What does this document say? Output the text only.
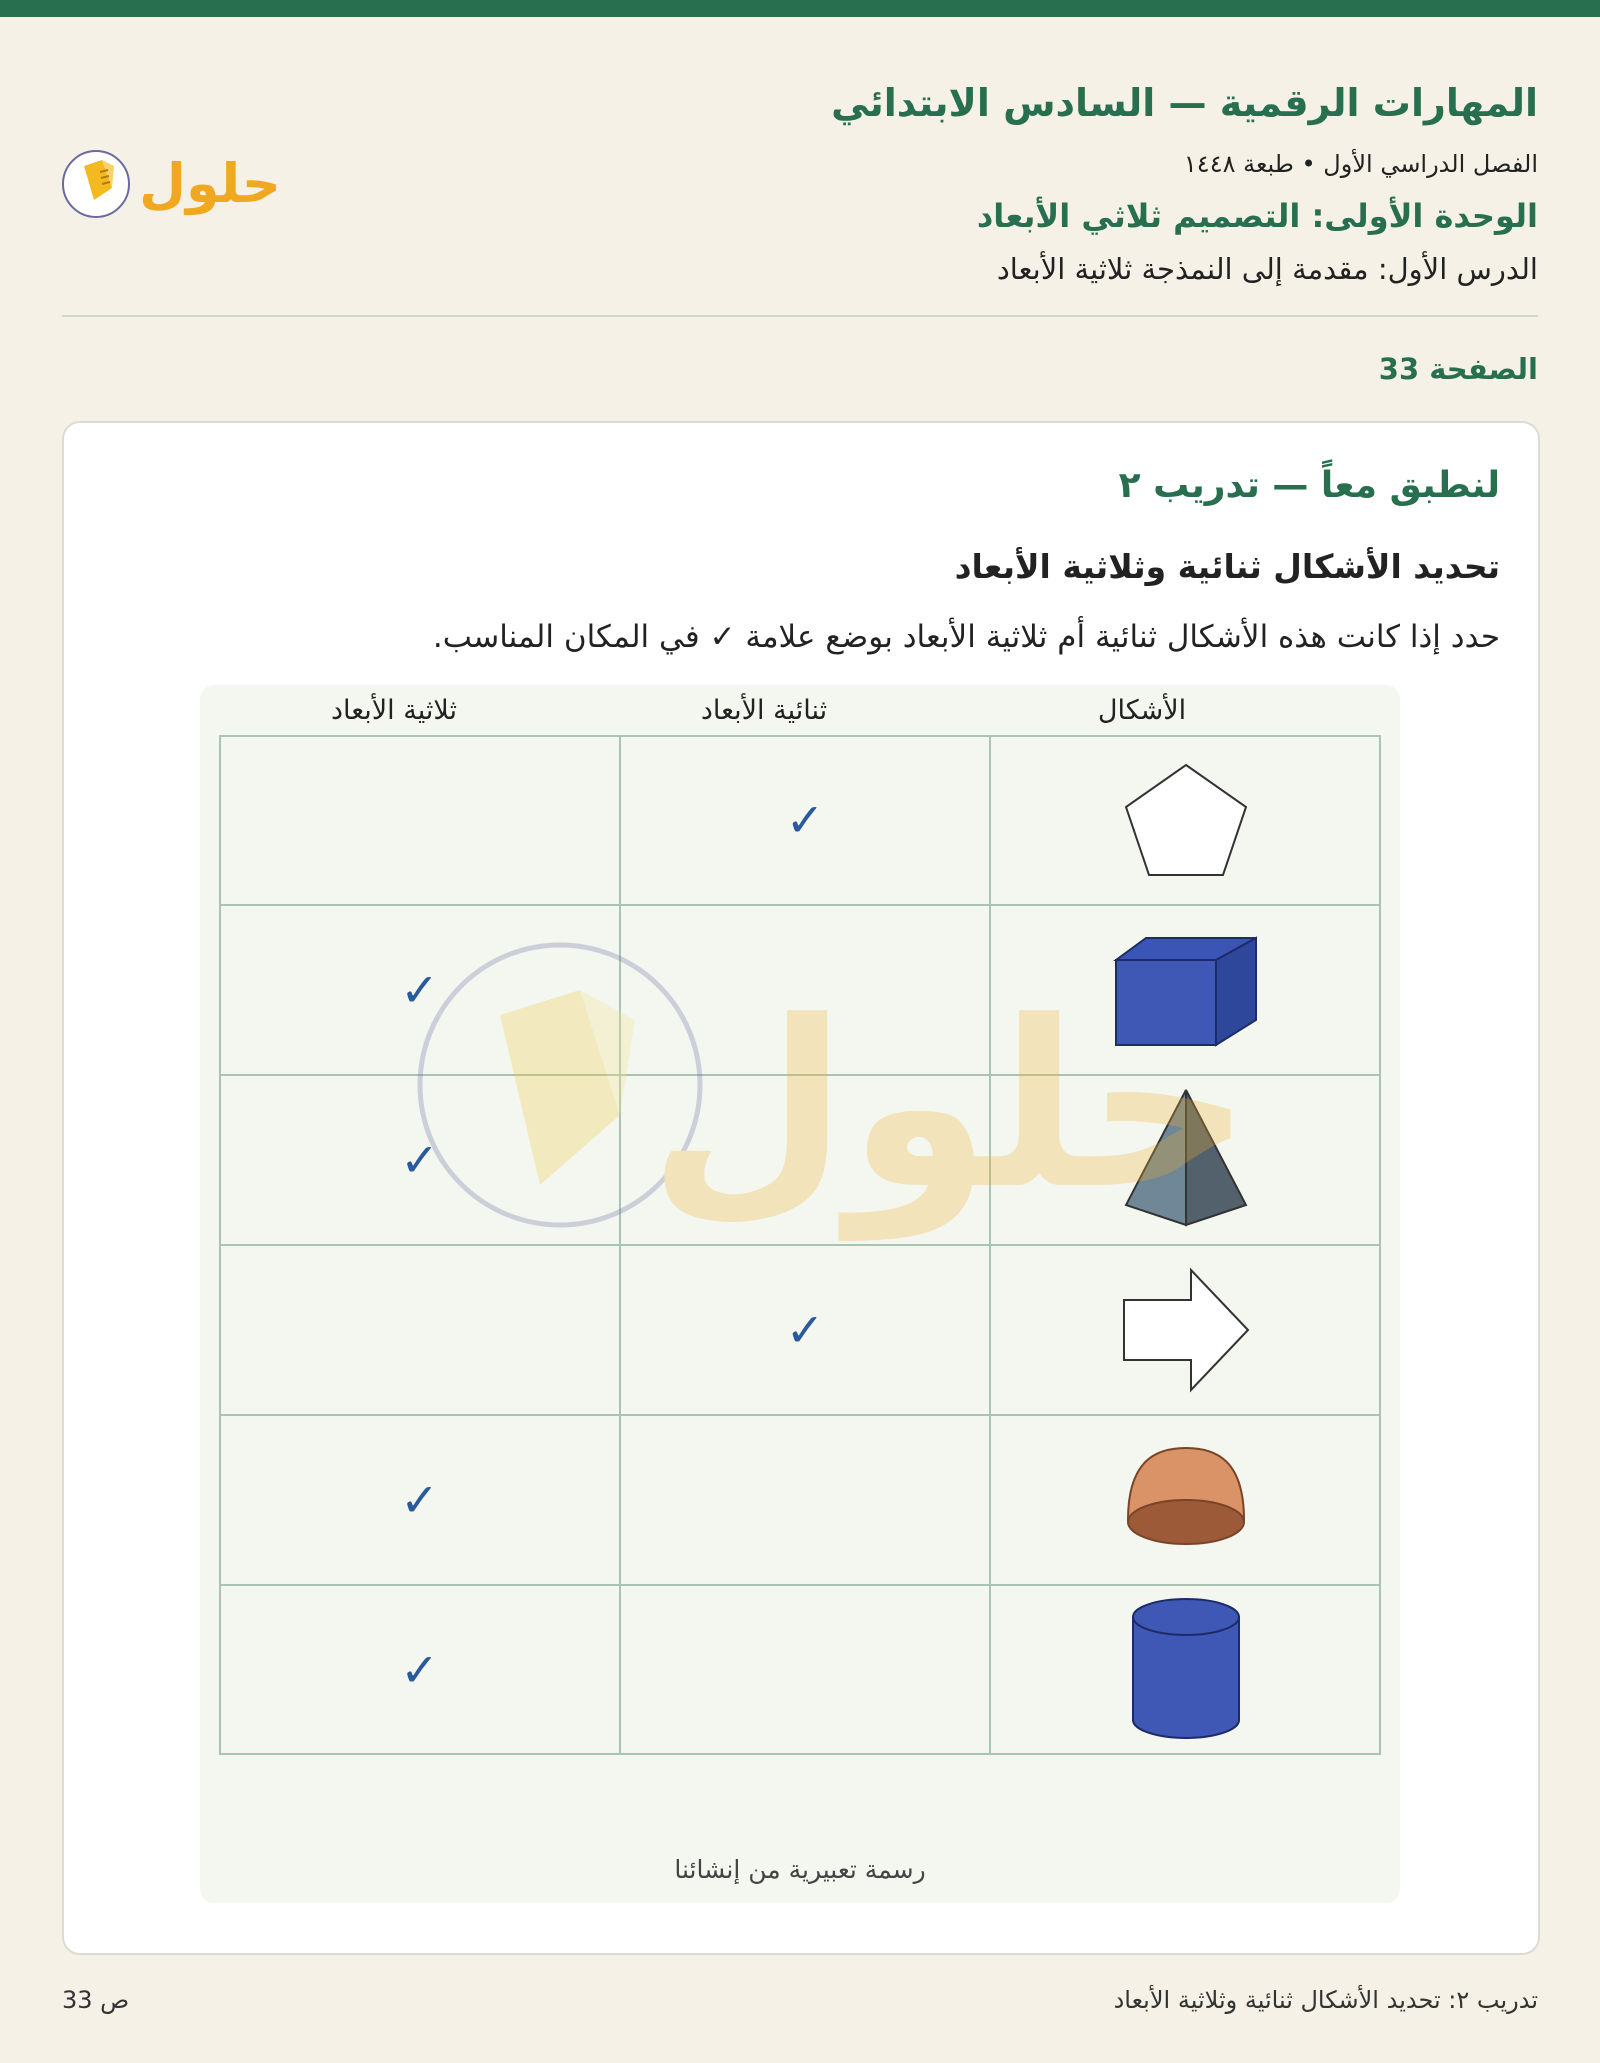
المهارات الرقمية — السادس الابتدائي
الفصل الدراسي الأول • طبعة ١٤٤٨
الوحدة الأولى: التصميم ثلاثي الأبعاد
الدرس الأول: مقدمة إلى النمذجة ثلاثية الأبعاد
حلول
الصفحة 33
لنطبق معاً — تدريب ٢
تحديد الأشكال ثنائية وثلاثية الأبعاد
حدد إذا كانت هذه الأشكال ثنائية أم ثلاثية الأبعاد بوضع علامة ✓ في المكان المناسب.
الأشكال
ثنائية الأبعاد
ثلاثية الأبعاد
✓
✓
✓
✓
✓
✓
حلول
رسمة تعبيرية من إنشائنا
ص 33	تدريب ٢: تحديد الأشكال ثنائية وثلاثية الأبعاد
